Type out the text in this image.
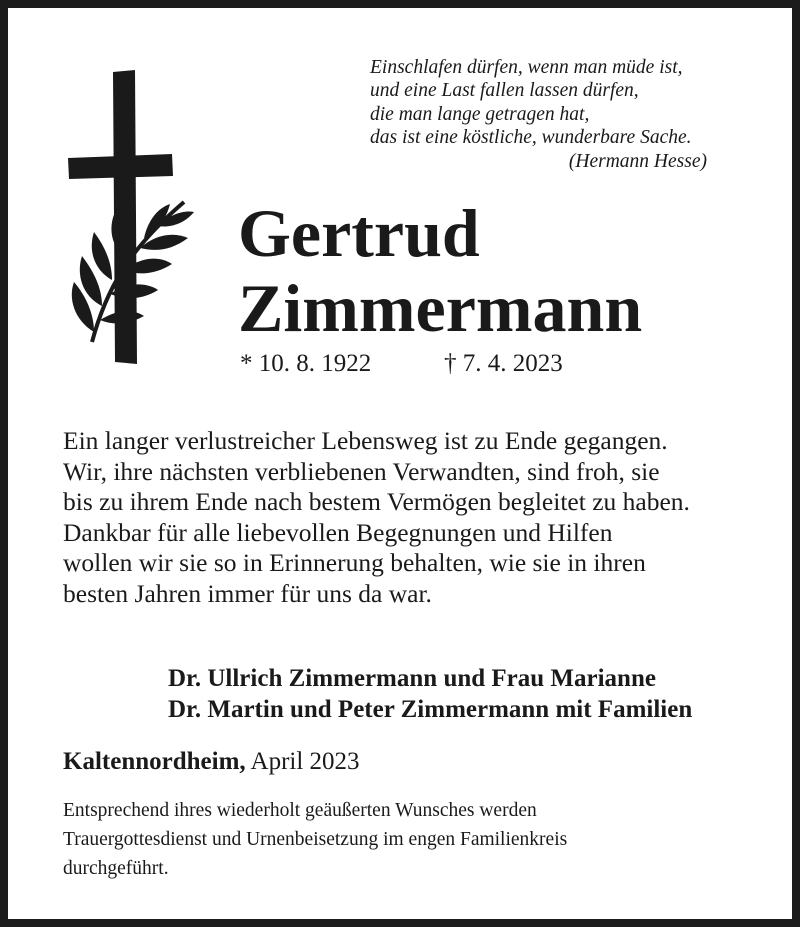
Einschlafen dürfen, wenn man müde ist,
und eine Last fallen lassen dürfen,
die man lange getragen hat,
das ist eine köstliche, wunderbare Sache.
(Hermann Hesse)
Gertrud
Zimmermann
* 10. 8. 1922	† 7. 4. 2023
Ein langer verlustreicher Lebensweg ist zu Ende gegangen.
Wir, ihre nächsten verbliebenen Verwandten, sind froh, sie
bis zu ihrem Ende nach bestem Vermögen begleitet zu haben.
Dankbar für alle liebevollen Begegnungen und Hilfen
wollen wir sie so in Erinnerung behalten, wie sie in ihren
besten Jahren immer für uns da war.
Dr. Ullrich Zimmermann und Frau Marianne
Dr. Martin und Peter Zimmermann mit Familien
Kaltennordheim, April 2023
Entsprechend ihres wiederholt geäußerten Wunsches werden
Trauergottesdienst und Urnenbeisetzung im engen Familienkreis
durchgeführt.
